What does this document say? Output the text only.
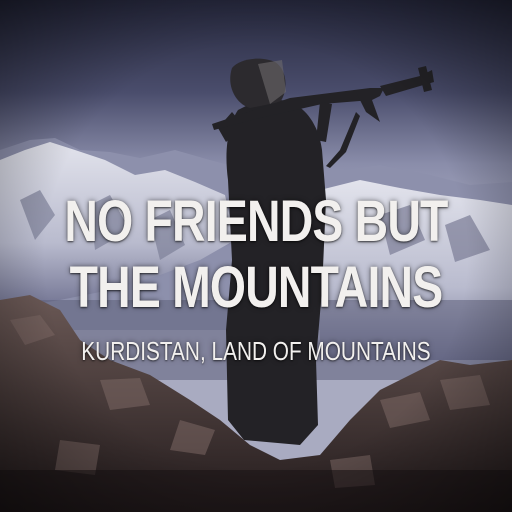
NO FRIENDS BUT
THE MOUNTAINS
KURDISTAN, LAND OF MOUNTAINS
